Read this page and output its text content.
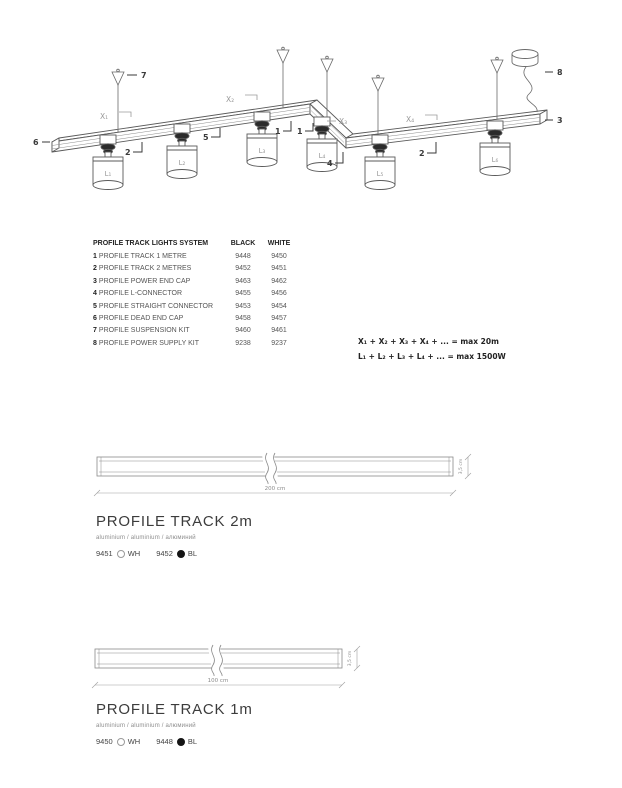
L₁
L₂
L₃
L₄
L₅
L₆
X₁
X₂
X₃	X₄
6
7
2
5
1 1
4
2
3
8
PROFILE TRACK LIGHTS SYSTEM	BLACK	WHITE
1 PROFILE TRACK 1 METRE	9448	9450
2 PROFILE TRACK 2 METRES	9452	9451
3 PROFILE POWER END CAP	9463	9462
4 PROFILE L-CONNECTOR	9455	9456
5 PROFILE STRAIGHT CONNECTOR	9453	9454
6 PROFILE DEAD END CAP	9458	9457
7 PROFILE SUSPENSION KIT	9460	9461
8 PROFILE POWER SUPPLY KIT	9238	9237	X₁ + X₂ + X₃ + X₄ + ... = max 20m
L₁ + L₂ + L₃ + L₄ + ... = max 1500W
200 cm
3,5 cm
PROFILE TRACK 2m
aluminium / aluminium / алюминий
9451 WH 9452 BL
100 cm
3,5 cm
PROFILE TRACK 1m
aluminium / aluminium / алюминий
9450 WH 9448 BL
